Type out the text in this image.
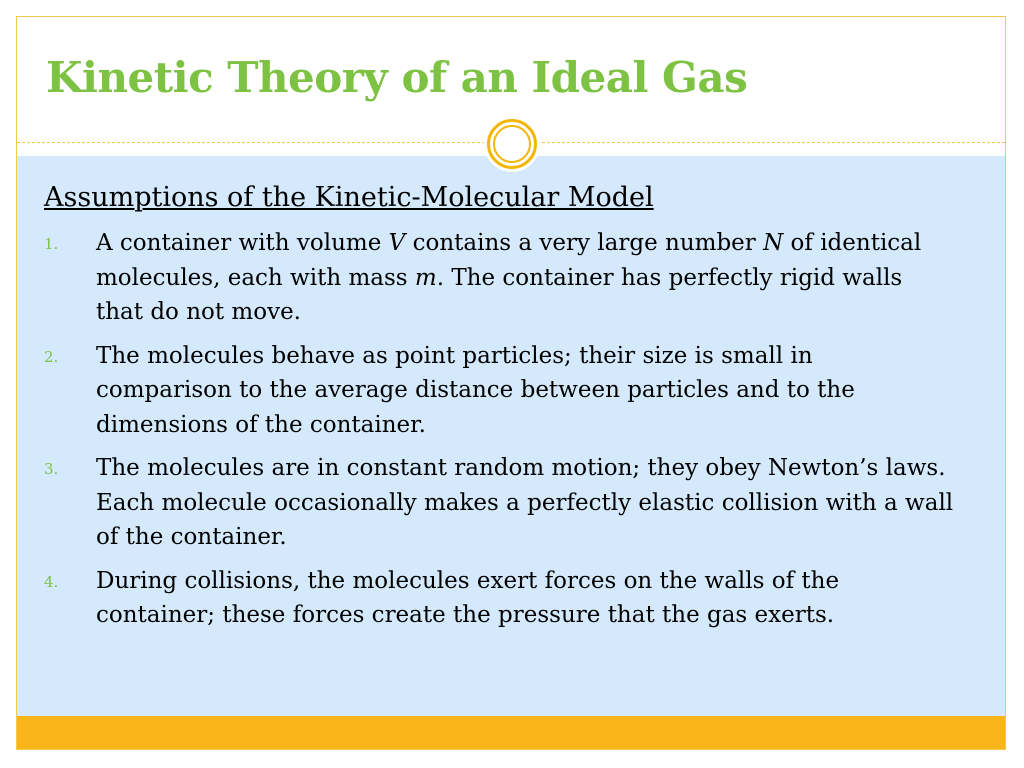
Kinetic Theory of an Ideal Gas
Assumptions of the Kinetic-Molecular Model
1. A container with volume V contains a very large number N of identical molecules, each with mass m. The container has perfectly rigid walls that do not move.
2. The molecules behave as point particles; their size is small in comparison to the average distance between particles and to the dimensions of the container.
3. The molecules are in constant random motion; they obey Newton’s laws. Each molecule occasionally makes a perfectly elastic collision with a wall of the container.
4. During collisions, the molecules exert forces on the walls of the container; these forces create the pressure that the gas exerts.
